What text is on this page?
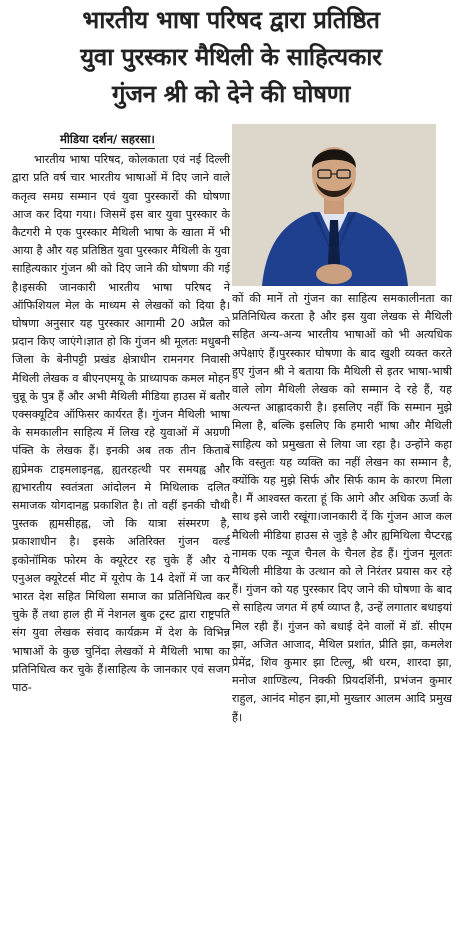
भारतीय भाषा परिषद द्वारा प्रतिष्ठित
युवा पुरस्कार मैथिली के साहित्यकार
गुंजन श्री को देने की घोषणा
मीडिया दर्शन/ सहरसा।
भारतीय भाषा परिषद, कोलकाता एवं नई दिल्ली द्वारा प्रति वर्ष चार भारतीय भाषाओं में दिए जाने वाले कतृत्व समग्र सम्मान एवं युवा पुरस्कारों की घोषणा आज कर दिया गया। जिसमें इस बार युवा पुरस्कार के कैटगरी मे एक पुरस्कार मैथिली भाषा के खाता में भी आया है और यह प्रतिष्ठित युवा पुरस्कार मैथिली के युवा साहित्यकार गुंजन श्री को दिए जाने की घोषणा की गई है।इसकी जानकारी भारतीय भाषा परिषद ने ऑफिशियल मेल के माध्यम से लेखकों को दिया है। घोषणा अनुसार यह पुरस्कार आगामी 20 अप्रैल को प्रदान किए जाएंगे।ज्ञात हो कि गुंजन श्री मूलतः मधुबनी जिला के बेनीपट्टी प्रखंड क्षेत्राधीन रामनगर निवासी मैथिली लेखक व बीएनएमयू के प्राध्यापक कमल मोहन चुन्नू के पुत्र हैं और अभी मैथिली मीडिया हाउस में बतौर एक्सक्यूटिव ऑफिसर कार्यरत हैं। गुंजन मैथिली भाषा के समकालीन साहित्य में लिख रहे युवाओं में अग्रणी पंक्ति के लेखक हैं। इनकी अब तक तीन किताबें ह्यप्रेमक टाइमलाइनह्व, ह्यतरहत्थी पर समयह्व और ह्यभारतीय स्वतंत्रता आंदोलन मे मिथिलाक दलित समाजक योगदानह्व प्रकाशित है। तो वहीं इनकी चौथी पुस्तक ह्यमसीहह्व, जो कि यात्रा संस्मरण है, प्रकाशाधीन है। इसके अतिरिक्त गुंजन वर्ल्ड इकोनॉमिक फोरम के क्यूरेटर रह चुके हैं और ये एनुअल क्यूरेटर्स मीट में यूरोप के 14 देशों में जा कर भारत देश सहित मिथिला समाज का प्रतिनिधित्व कर चुके हैं तथा हाल ही में नेशनल बुक ट्रस्ट द्वारा राष्ट्रपति संग युवा लेखक संवाद कार्यक्रम में देश के विभिन्न भाषाओं के कुछ चुनिंदा लेखकों मे मैथिली भाषा का प्रतिनिधित्व कर चुके हैं।साहित्य के जानकार एवं सजग पाठ-
कों की मानें तो गुंजन का साहित्य समकालीनता का प्रतिनिधित्व करता है और इस युवा लेखक से मैथिली सहित अन्य-अन्य भारतीय भाषाओं को भी अत्यधिक अपेक्षाएं हैं।पुरस्कार घोषणा के बाद खुशी व्यक्त करते हुए गुंजन श्री ने बताया कि मैथिली से इतर भाषा-भाषी वाले लोग मैथिली लेखक को सम्मान दे रहे हैं, यह अत्यन्त आह्लादकारी है। इसलिए नहीं कि सम्मान मुझे मिला है, बल्कि इसलिए कि हमारी भाषा और मैथिली साहित्य को प्रमुखता से लिया जा रहा है। उन्होंने कहा कि वस्तुतः यह व्यक्ति का नहीं लेखन का सम्मान है, क्योंकि यह मुझे सिर्फ और सिर्फ काम के कारण मिला है। मैं आश्वस्त करता हूं कि आगे और अधिक ऊर्जा के साथ इसे जारी रखूंगा।जानकारी दें कि गुंजन आज कल मैथिली मीडिया हाउस से जुड़े है और ह्यमिथिला चैप्टरह्व नामक एक न्यूज चैनल के चैनल हेड हैं। गुंजन मूलतः मैथिली मीडिया के उत्थान को ले निरंतर प्रयास कर रहे हैं। गुंजन को यह पुरस्कार दिए जाने की घोषणा के बाद से साहित्य जगत में हर्ष व्याप्त है, उन्हें लगातार बधाइयां मिल रही हैं। गुंजन को बधाई देने वालों में डॉ. सीएम झा, अजित आजाद, मैथिल प्रशांत, प्रीति झा, कमलेश प्रेमेंद्र, शिव कुमार झा टिल्लू, श्री धरम, शारदा झा, मनोज शाण्डिल्य, निक्की प्रियदर्शिनी, प्रभंजन कुमार राहुल, आनंद मोहन झा,मो मुख्तार आलम आदि प्रमुख हैं।
